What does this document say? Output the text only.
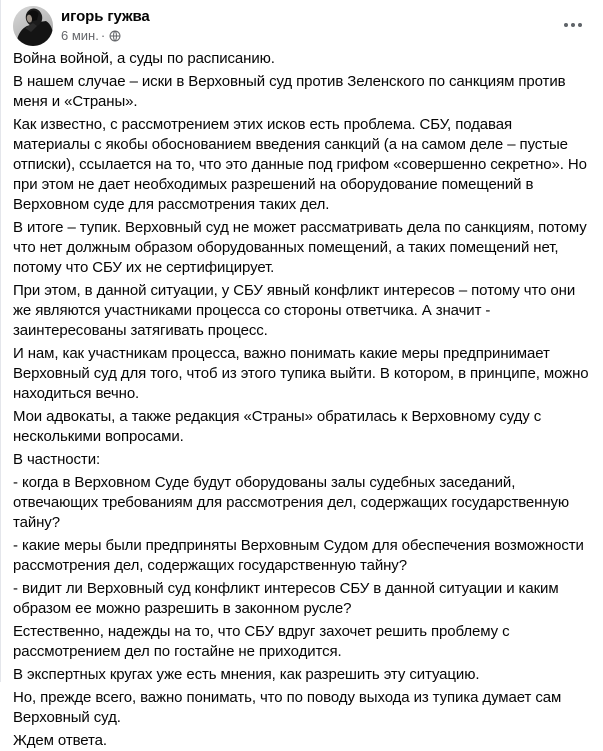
игорь гужва
6 мин. ·

Война войной, а суды по расписанию.

В нашем случае – иски в Верховный суд против Зеленского по санкциям против меня и «Страны».

Как известно, с рассмотрением этих исков есть проблема. СБУ, подавая материалы с якобы обоснованием введения санкций (а на самом деле – пустые отписки), ссылается на то, что это данные под грифом «совершенно секретно». Но при этом не дает необходимых разрешений на оборудование помещений в Верховном суде для рассмотрения таких дел.

В итоге – тупик. Верховный суд не может рассматривать дела по санкциям, потому что нет должным образом оборудованных помещений, а таких помещений нет, потому что СБУ их не сертифицирует.

При этом, в данной ситуации, у СБУ явный конфликт интересов – потому что они же являются участниками процесса со стороны ответчика. А значит - заинтересованы затягивать процесс.

И нам, как участникам процесса, важно понимать какие меры предпринимает Верховный суд для того, чтоб из этого тупика выйти. В котором, в принципе, можно находиться вечно.

Мои адвокаты, а также редакция «Страны» обратилась к Верховному суду с несколькими вопросами.

В частности:

- когда в Верховном Суде будут оборудованы залы судебных заседаний, отвечающих требованиям для рассмотрения дел, содержащих государственную тайну?

- какие меры были предприняты Верховным Судом для обеспечения возможности рассмотрения дел, содержащих государственную тайну?

- видит ли Верховный суд конфликт интересов СБУ в данной ситуации и каким образом ее можно разрешить в законном русле?

Естественно, надежды на то, что СБУ вдруг захочет решить проблему с рассмотрением дел по гостайне не приходится.

В экспертных кругах уже есть мнения, как разрешить эту ситуацию.

Но, прежде всего, важно понимать, что по поводу выхода из тупика думает сам Верховный суд.

Ждем ответа.
